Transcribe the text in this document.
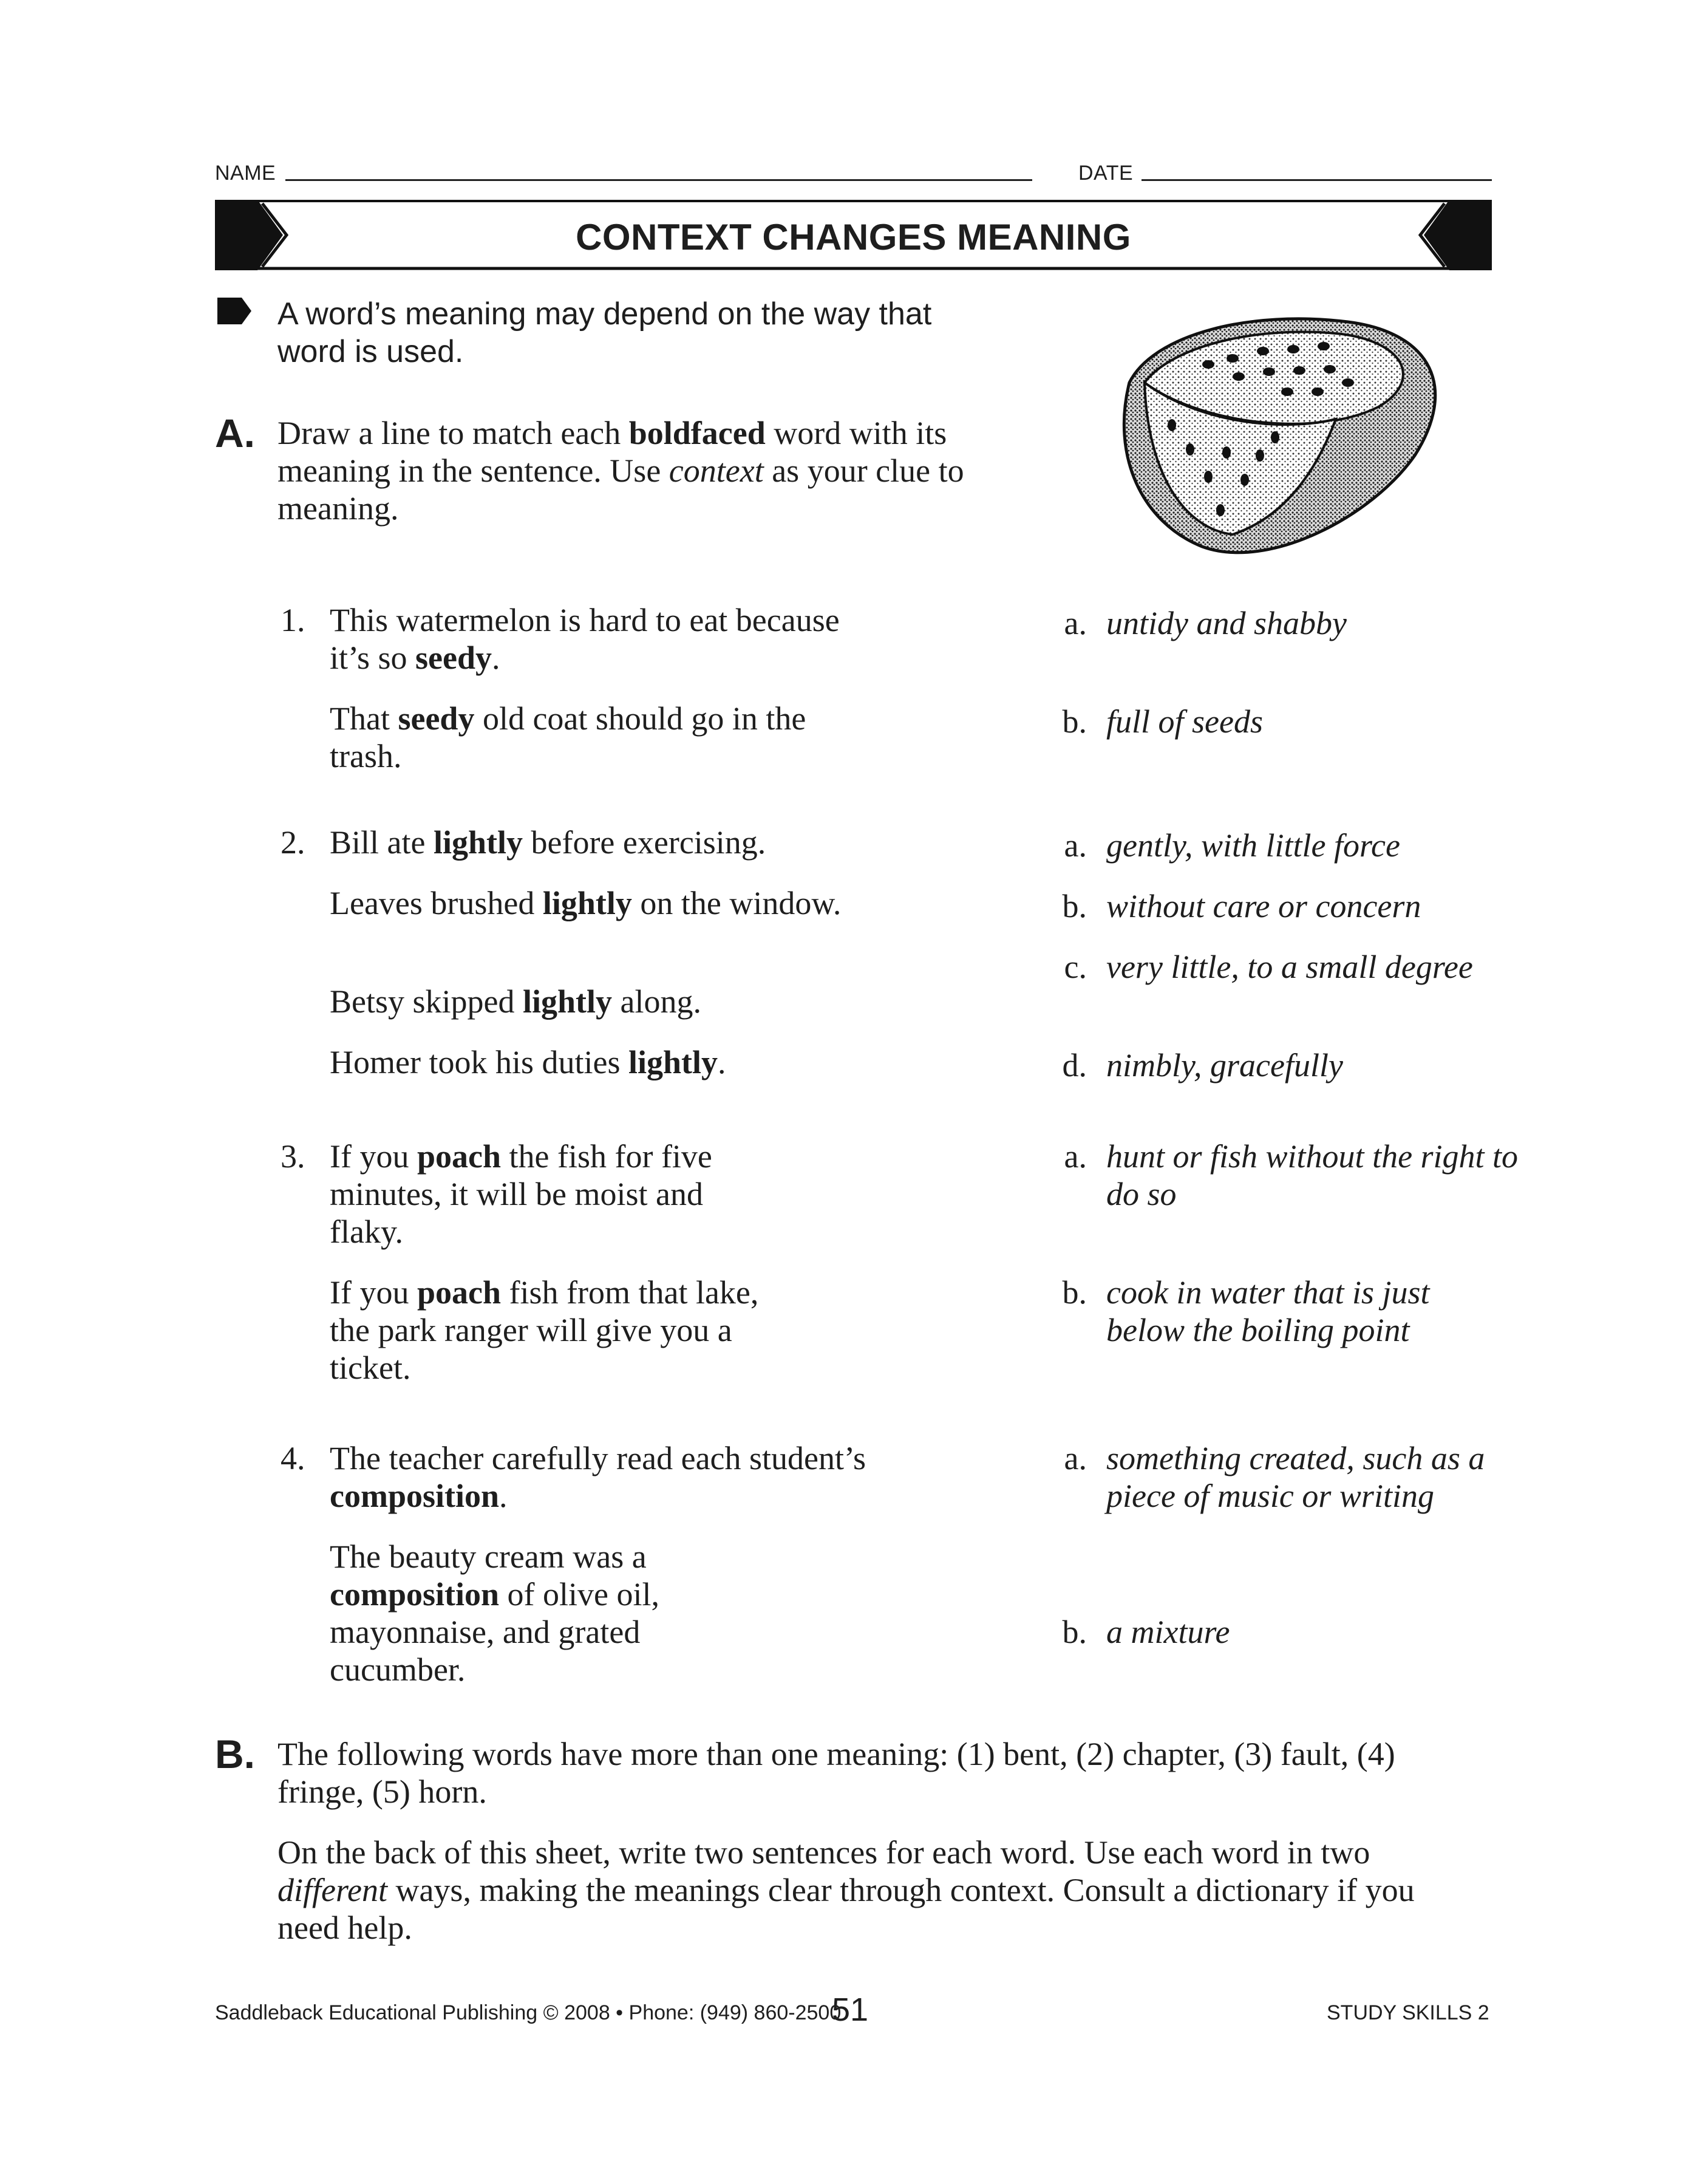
NAME	DATE
CONTEXT CHANGES MEANING
A word’s meaning may depend on the way that word is used.
A. Draw a line to match each boldfaced word with its meaning in the sentence. Use context as your clue to meaning.
1. This watermelon is hard to eat because it’s so seedy.
That seedy old coat should go in the trash.
a. untidy and shabby
b. full of seeds
2. Bill ate lightly before exercising.
Leaves brushed lightly on the window.
Betsy skipped lightly along.
Homer took his duties lightly.
a. gently, with little force
b. without care or concern
c. very little, to a small degree
d. nimbly, gracefully
3. If you poach the fish for five minutes, it will be moist and flaky.
If you poach fish from that lake, the park ranger will give you a ticket.
a. hunt or fish without the right to do so
b. cook in water that is just below the boiling point
4. The teacher carefully read each student’s composition.
The beauty cream was a composition of olive oil, mayonnaise, and grated cucumber.
a. something created, such as a piece of music or writing
b. a mixture
B. The following words have more than one meaning: (1) bent, (2) chapter, (3) fault, (4) fringe, (5) horn.
On the back of this sheet, write two sentences for each word. Use each word in two different ways, making the meanings clear through context. Consult a dictionary if you need help.
Saddleback Educational Publishing © 2008 • Phone: (949) 860-2500
51	STUDY SKILLS 2
